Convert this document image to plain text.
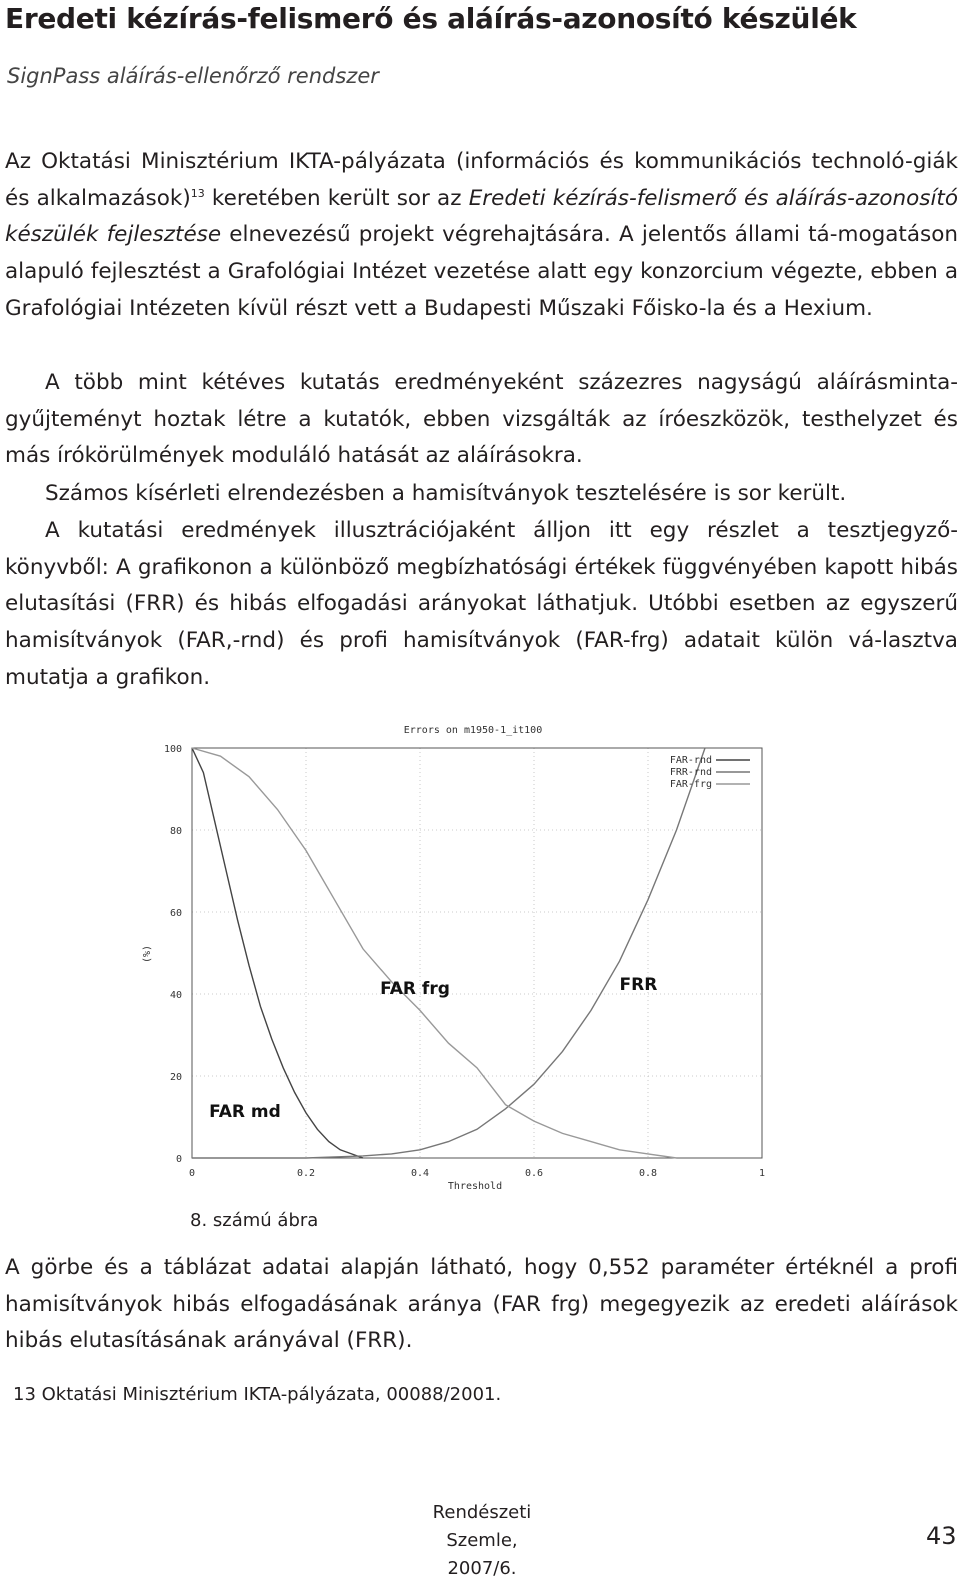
Eredeti kézírás-felismerő és aláírás-azonosító készülék
SignPass aláírás-ellenőrző rendszer

Az Oktatási Minisztérium IKTA-pályázata (információs és kommunikációs technoló-giák és alkalmazások)$^{13}$ keretében került sor az Eredeti kézírás-felismerő és aláírás-azonosító készülék fejlesztése elnevezésű projekt végrehajtására. A jelentős állami tá-mogatáson alapuló fejlesztést a Grafológiai Intézet vezetése alatt egy konzorcium végezte, ebben a Grafológiai Intézeten kívül részt vett a Budapesti Műszaki Főisko-la és a Hexium.

A több mint kétéves kutatás eredményeként százezres nagyságú aláírásminta-gyűjteményt hoztak létre a kutatók, ebben vizsgálták az íróeszközök, testhelyzet és más írókörülmények moduláló hatását az aláírásokra.

Számos kísérleti elrendezésben a hamisítványok tesztelésére is sor került.

A kutatási eredmények illusztrációjaként álljon itt egy részlet a tesztjegyző-könyvből: A grafikonon a különböző megbízhatósági értékek függvényében kapott hibás elutasítási (FRR) és hibás elfogadási arányokat láthatjuk. Utóbbi esetben az egyszerű hamisítványok (FAR,-rnd) és profi hamisítványok (FAR-frg) adatait külön vá-lasztva mutatja a grafikon.

Errors on m1950-1_it100
0	0.2	0.4	0.6	0.8	1
0
20
40
60
80
100
FAR-rnd
FRR-rnd
FAR-frg
FAR frg	FRR
FAR md
(%)
Threshold
8. számú ábra

A görbe és a táblázat adatai alapján látható, hogy 0,552 paraméter értéknél a profi hamisítványok hibás elfogadásának aránya (FAR frg) megegyezik az eredeti aláírások hibás elutasításának arányával (FRR).

13 Oktatási Minisztérium IKTA-pályázata, 00088/2001.
Rendészeti Szemle,
2007/6.
43
